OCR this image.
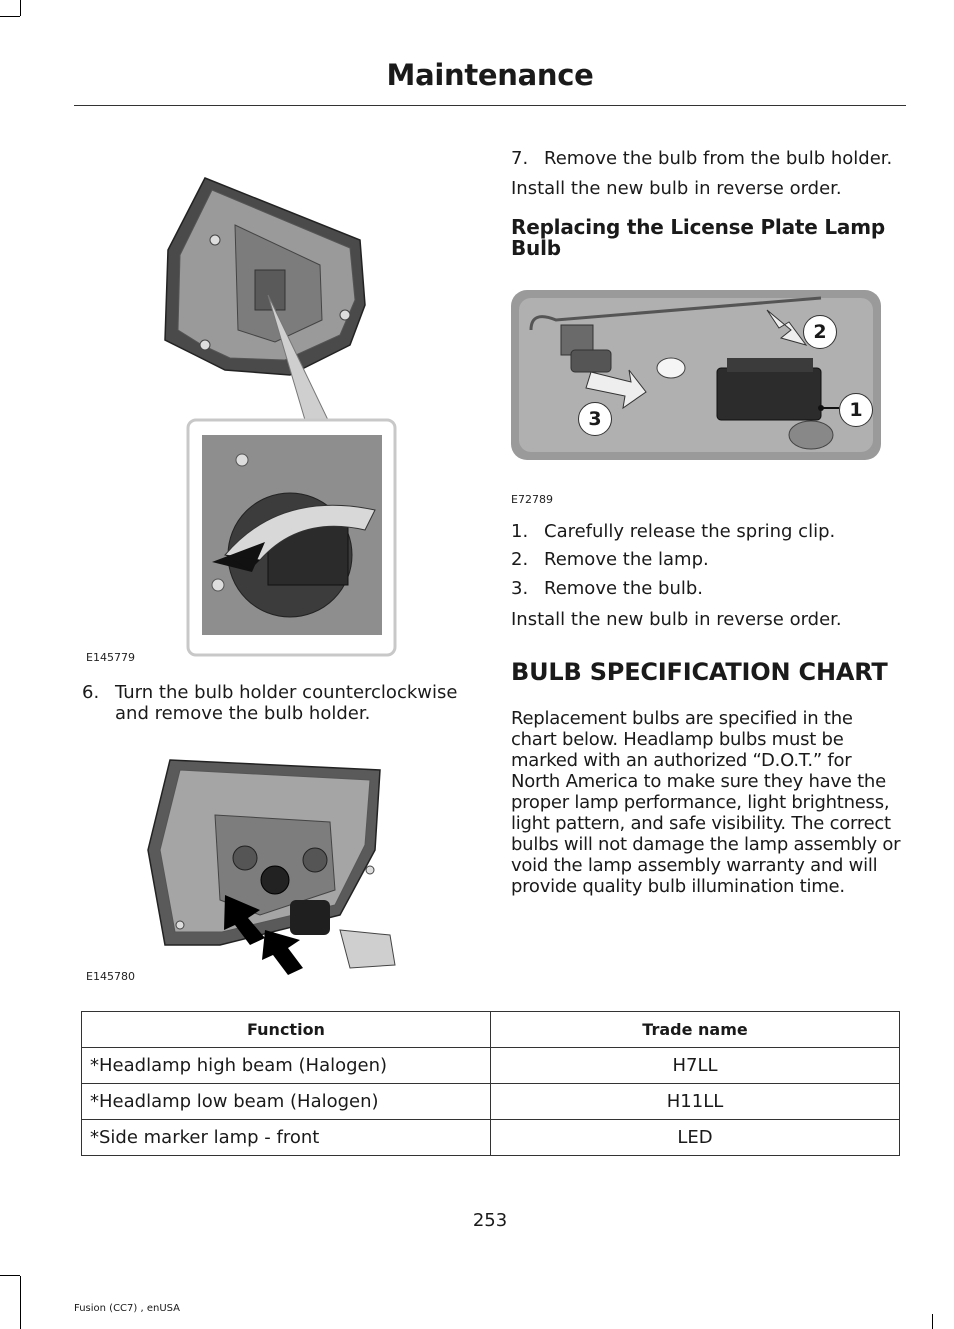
Maintenance
E145779
6. Turn the bulb holder counterclockwise and remove the bulb holder.
E145780
7. Remove the bulb from the bulb holder.
Install the new bulb in reverse order.
Replacing the License Plate Lamp Bulb
1
2
3
E72789
1. Carefully release the spring clip.
2. Remove the lamp.
3. Remove the bulb.
Install the new bulb in reverse order.
BULB SPECIFICATION CHART
Replacement bulbs are specified in the chart below. Headlamp bulbs must be marked with an authorized “D.O.T.” for North America to make sure they have the proper lamp performance, light brightness, light pattern, and safe visibility. The correct bulbs will not damage the lamp assembly or void the lamp assembly warranty and will provide quality bulb illumination time.
Function	Trade name
*Headlamp high beam (Halogen)	H7LL
*Headlamp low beam (Halogen)	H11LL
*Side marker lamp - front	LED
253
Fusion (CC7) , enUSA
